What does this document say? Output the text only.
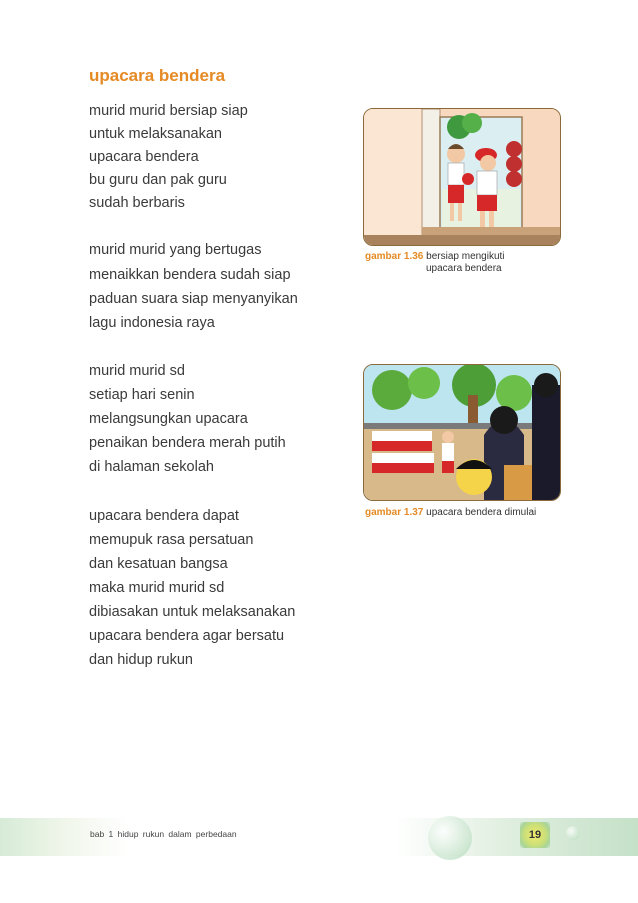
upacara bendera
murid murid bersiap siap
untuk melaksanakan
upacara bendera
bu guru dan pak guru
sudah berbaris
murid murid yang bertugas
menaikkan bendera sudah siap
paduan suara siap menyanyikan
lagu indonesia raya
murid murid sd
setiap hari senin
melangsungkan upacara
penaikan bendera merah putih
di halaman sekolah
upacara bendera dapat
memupuk rasa persatuan
dan kesatuan bangsa
maka murid murid sd
dibiasakan untuk melaksanakan
upacara bendera agar bersatu
dan hidup rukun
gambar 1.36 bersiap mengikuti
upacara bendera
gambar 1.37 upacara bendera dimulai
bab 1 hidup rukun dalam perbedaan	19
